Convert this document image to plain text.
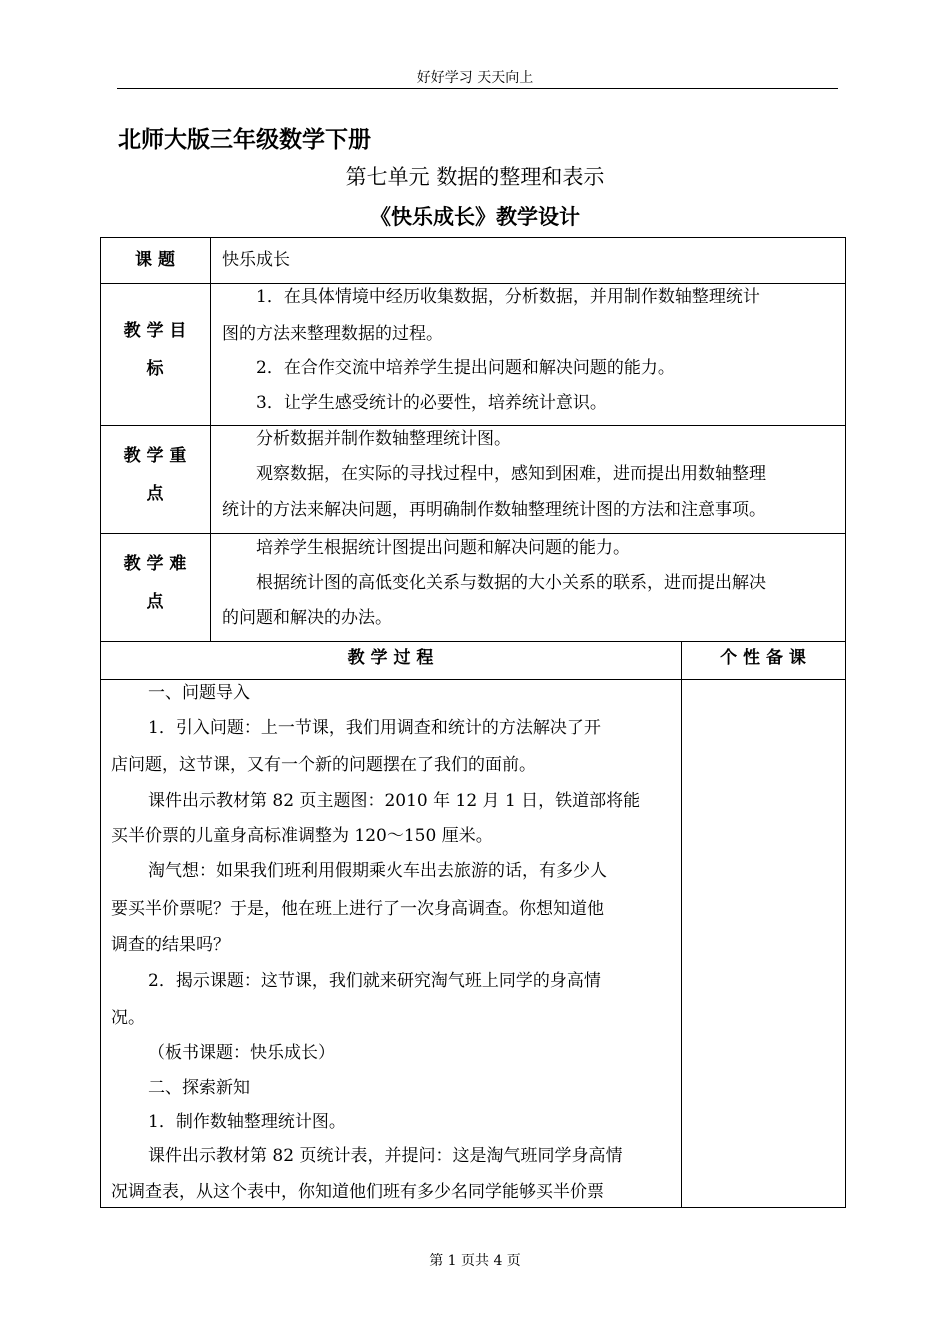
好好学习 天天向上
北师大版三年级数学下册
第七单元 数据的整理和表示
《快乐成长》教学设计
课 题	快乐成长
教 学 目
标
1．在具体情境中经历收集数据，分析数据，并用制作数轴整理统计
图的方法来整理数据的过程。
2．在合作交流中培养学生提出问题和解决问题的能力。
3．让学生感受统计的必要性，培养统计意识。
教 学 重
点
分析数据并制作数轴整理统计图。
观察数据，在实际的寻找过程中，感知到困难，进而提出用数轴整理
统计的方法来解决问题，再明确制作数轴整理统计图的方法和注意事项。
教 学 难
点
培养学生根据统计图提出问题和解决问题的能力。
根据统计图的高低变化关系与数据的大小关系的联系，进而提出解决
的问题和解决的办法。
教 学 过 程	个 性 备 课
一、问题导入
1．引入问题：上一节课，我们用调查和统计的方法解决了开
店问题，这节课，又有一个新的问题摆在了我们的面前。
课件出示教材第 82 页主题图：2010 年 12 月 1 日，铁道部将能
买半价票的儿童身高标准调整为 120～150 厘米。
淘气想：如果我们班利用假期乘火车出去旅游的话，有多少人
要买半价票呢？于是，他在班上进行了一次身高调查。你想知道他
调查的结果吗？
2．揭示课题：这节课，我们就来研究淘气班上同学的身高情
况。
（板书课题：快乐成长）
二、探索新知
1．制作数轴整理统计图。
课件出示教材第 82 页统计表，并提问：这是淘气班同学身高情
况调查表，从这个表中，你知道他们班有多少名同学能够买半价票
第 1 页共 4 页
